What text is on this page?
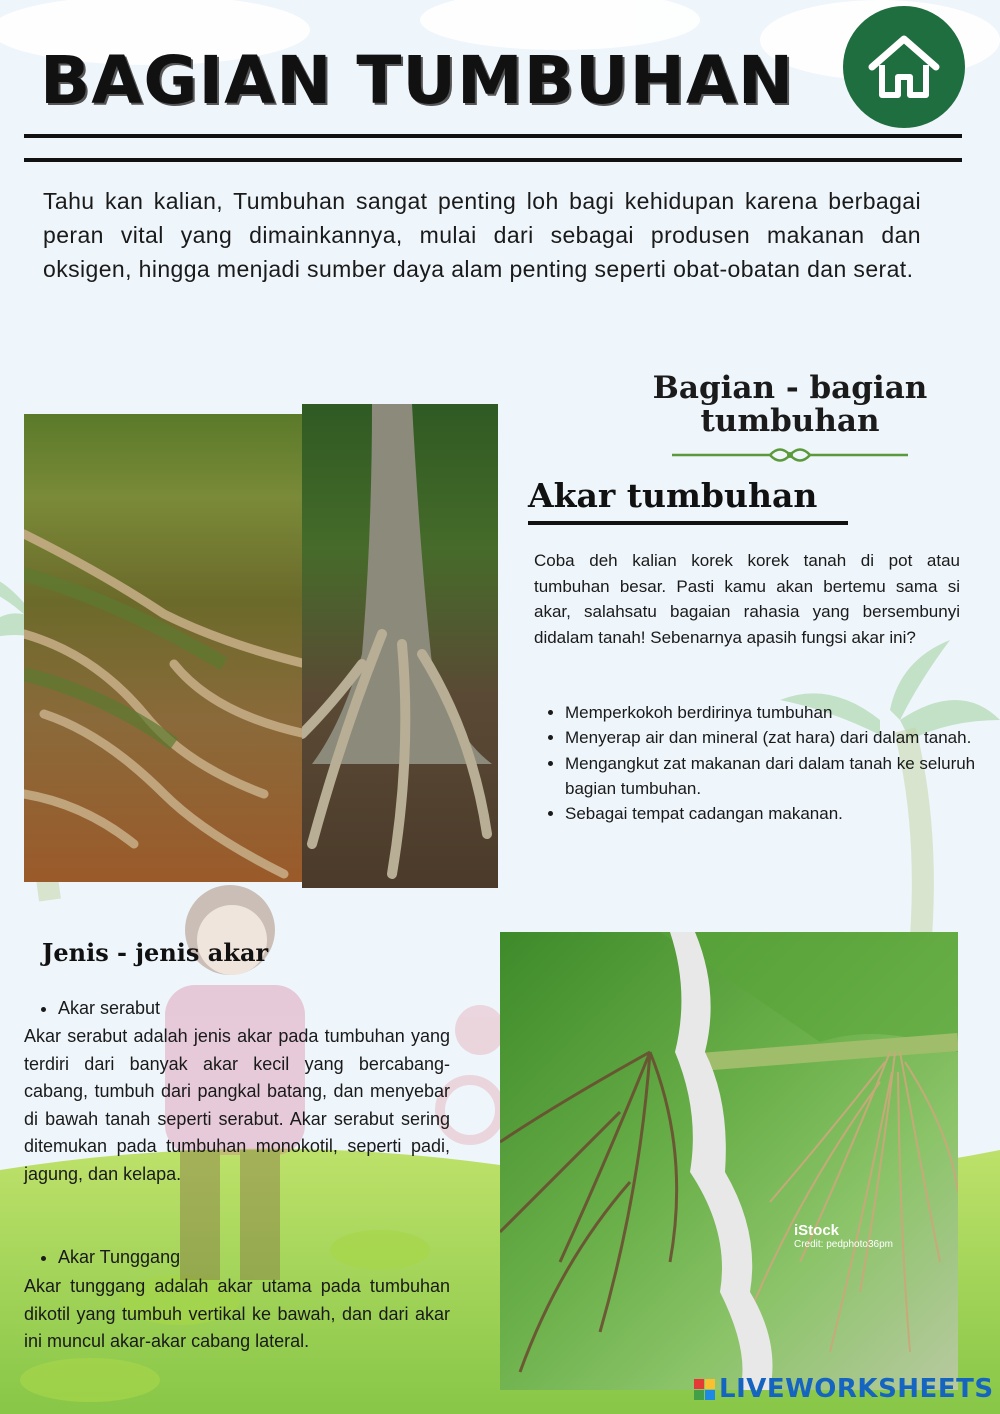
BAGIAN TUMBUHAN

Tahu kan kalian, Tumbuhan sangat penting loh bagi kehidupan karena berbagai peran vital yang dimainkannya, mulai dari sebagai produsen makanan dan oksigen, hingga menjadi sumber daya alam penting seperti obat-obatan dan serat.

Bagian - bagian
tumbuhan
Akar tumbuhan

Coba deh kalian korek korek tanah di pot atau tumbuhan besar. Pasti kamu akan bertemu sama si akar, salahsatu bagaian rahasia yang bersembunyi didalam tanah! Sebenarnya apasih fungsi akar ini?

• Memperkokoh berdirinya tumbuhan
• Menyerap air dan mineral (zat hara) dari dalam tanah.
• Mengangkut zat makanan dari dalam tanah ke seluruh bagian tumbuhan.
• Sebagai tempat cadangan makanan.
Jenis - jenis akar
• Akar serabut

Akar serabut adalah jenis akar pada tumbuhan yang terdiri dari banyak akar kecil yang bercabang-cabang, tumbuh dari pangkal batang, dan menyebar di bawah tanah seperti serabut. Akar serabut sering ditemukan pada tumbuhan monokotil, seperti padi, jagung, dan kelapa.

• Akar Tunggang

Akar tunggang adalah akar utama pada tumbuhan dikotil yang tumbuh vertikal ke bawah, dan dari akar ini muncul akar-akar cabang lateral.

iStock
Credit: pedphoto36pm
LIVEWORKSHEETS
